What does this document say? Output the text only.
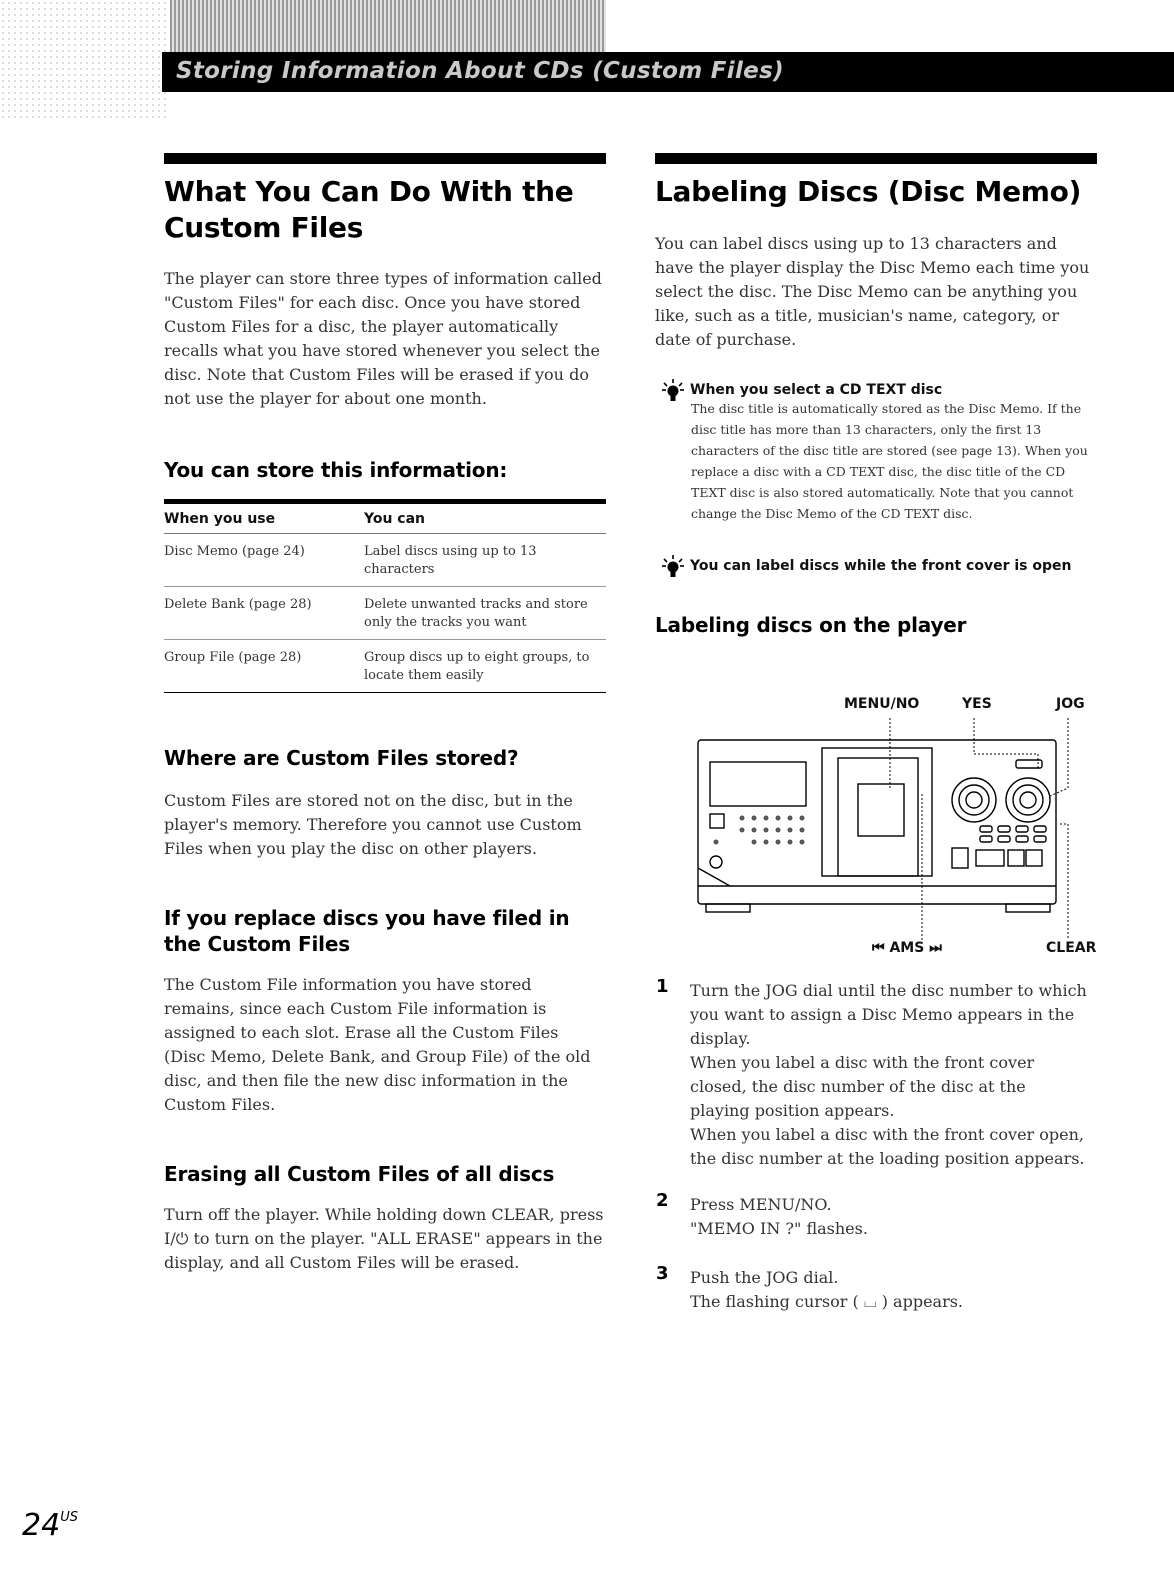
Storing Information About CDs (Custom Files)
What You Can Do With the Custom Files

The player can store three types of information called "Custom Files" for each disc. Once you have stored Custom Files for a disc, the player automatically recalls what you have stored whenever you select the disc. Note that Custom Files will be erased if you do not use the player for about one month.

You can store this information:
When you use	You can
Disc Memo (page 24)	Label discs using up to 13 characters
Delete Bank (page 28)	Delete unwanted tracks and store only the tracks you want
Group File (page 28)	Group discs up to eight groups, to locate them easily
Where are Custom Files stored?

Custom Files are stored not on the disc, but in the player's memory. Therefore you cannot use Custom Files when you play the disc on other players.

If you replace discs you have filed in the Custom Files

The Custom File information you have stored remains, since each Custom File information is assigned to each slot. Erase all the Custom Files (Disc Memo, Delete Bank, and Group File) of the old disc, and then file the new disc information in the Custom Files.

Erasing all Custom Files of all discs

Turn off the player. While holding down CLEAR, press I/⏻ to turn on the player. "ALL ERASE" appears in the display, and all Custom Files will be erased.

Labeling Discs (Disc Memo)

You can label discs using up to 13 characters and have the player display the Disc Memo each time you select the disc. The Disc Memo can be anything you like, such as a title, musician's name, category, or date of purchase.

When you select a CD TEXT disc
The disc title is automatically stored as the Disc Memo. If the disc title has more than 13 characters, only the first 13 characters of the disc title are stored (see page 13). When you replace a disc with a CD TEXT disc, the disc title of the CD TEXT disc is also stored automatically. Note that you cannot change the Disc Memo of the CD TEXT disc.
You can label discs while the front cover is open
Labeling discs on the player
MENU/NO	YES	JOG
⏮ AMS ⏭	CLEAR
1 Turn the JOG dial until the disc number to which you want to assign a Disc Memo appears in the display.

When you label a disc with the front cover closed, the disc number of the disc at the playing position appears.

When you label a disc with the front cover open, the disc number at the loading position appears.

2 Press MENU/NO.

"MEMO IN ?" flashes.

3 Push the JOG dial.

The flashing cursor ( ⌴ ) appears.

$24^{US}$
